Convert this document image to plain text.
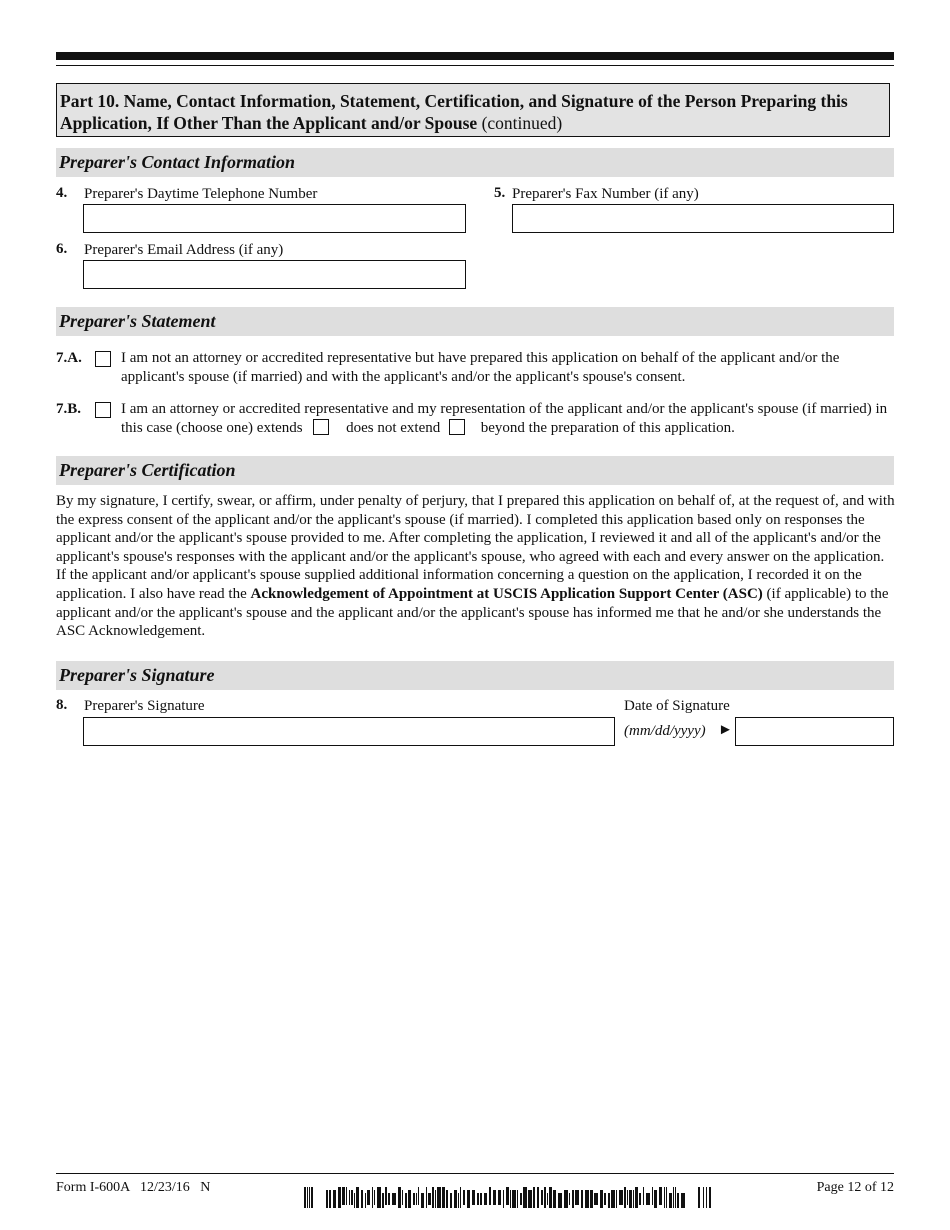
Part 10. Name, Contact Information, Statement, Certification, and Signature of the Person Preparing this Application, If Other Than the Applicant and/or Spouse (continued)
Preparer's Contact Information
4. Preparer's Daytime Telephone Number	5. Preparer's Fax Number (if any)
6. Preparer's Email Address (if any)
Preparer's Statement
7.A.	I am not an attorney or accredited representative but have prepared this application on behalf of the applicant and/or the
applicant's spouse (if married) and with the applicant's and/or the applicant's spouse's consent.
7.B.	I am an attorney or accredited representative and my representation of the applicant and/or the applicant's spouse (if married) in
this case (choose one) extends	does not extend	beyond the preparation of this application.
Preparer's Certification
By my signature, I certify, swear, or affirm, under penalty of perjury, that I prepared this application on behalf of, at the request of, and with the express consent of the applicant and/or the applicant's spouse (if married). I completed this application based only on responses the applicant and/or the applicant's spouse provided to me. After completing the application, I reviewed it and all of the applicant's and/or the applicant's spouse's responses with the applicant and/or the applicant's spouse, who agreed with each and every answer on the application. If the applicant and/or applicant's spouse supplied additional information concerning a question on the application, I recorded it on the application. I also have read the Acknowledgement of Appointment at USCIS Application Support Center (ASC) (if applicable) to the applicant and/or the applicant's spouse and the applicant and/or the applicant's spouse has informed me that he and/or she understands the ASC Acknowledgement.
Preparer's Signature
8. Preparer's Signature	Date of Signature
(mm/dd/yyyy) ►
Form I-600A   12/23/16   N	Page 12 of 12
